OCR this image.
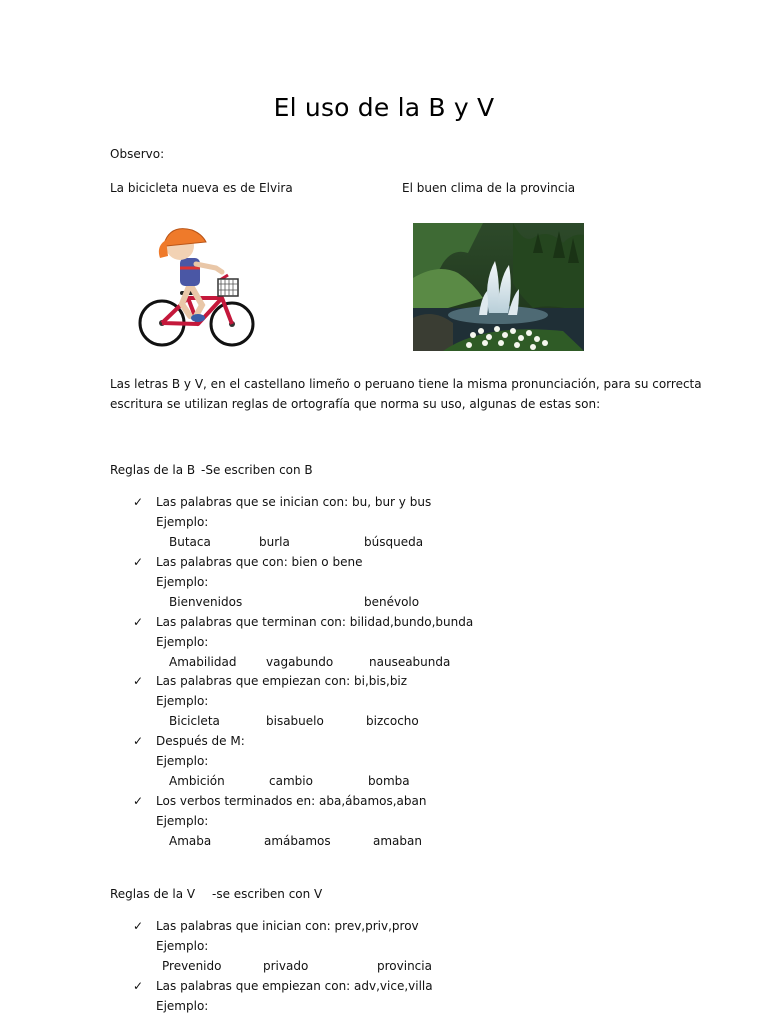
El uso de la B y V
Observo:
La bicicleta nueva es de Elvira	El buen clima de la provincia
Las letras B y V, en el castellano limeño o peruano tiene la misma pronunciación, para su correcta
escritura se utilizan reglas de ortografía que norma su uso, algunas de estas son:
Reglas de la B -Se escriben con B
✓	Las palabras que se inician con: bu, bur y bus
Ejemplo:
Butaca	burla	búsqueda
✓	Las palabras que con: bien o bene
Ejemplo:
Bienvenidos	benévolo
✓	Las palabras que terminan con: bilidad,bundo,bunda
Ejemplo:
Amabilidad vagabundo	nauseabunda
✓	Las palabras que empiezan con: bi,bis,biz
Ejemplo:
Bicicleta	bisabuelo	bizcocho
✓	Después de M:
Ejemplo:
Ambición	cambio	bomba
✓	Los verbos terminados en: aba,ábamos,aban
Ejemplo:
Amaba	amábamos	amaban
Reglas de la V -se escriben con V
✓	Las palabras que inician con: prev,priv,prov
Ejemplo:
Prevenido	privado	provincia
✓	Las palabras que empiezan con: adv,vice,villa
Ejemplo:
